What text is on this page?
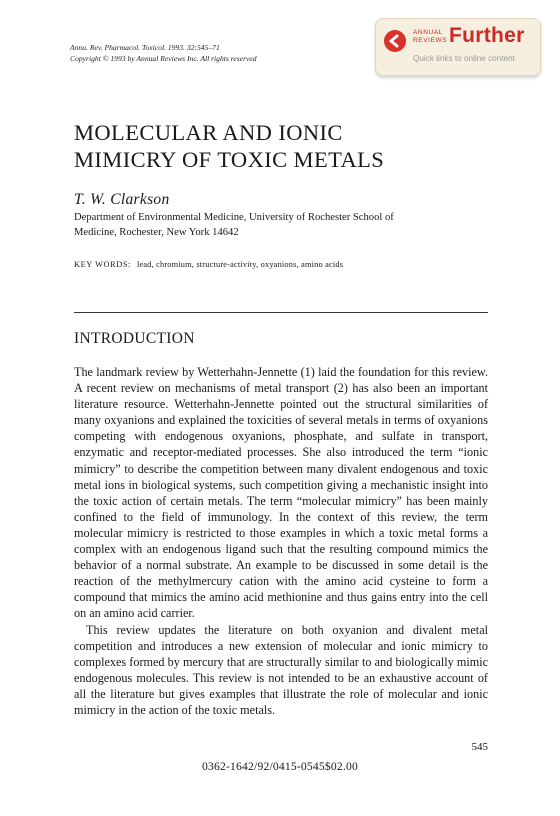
Annu. Rev. Pharmacol. Toxicol. 1993. 32:545–71
Copyright © 1993 by Annual Reviews Inc. All rights reserved
ANNUAL
REVIEWS Further
Quick links to online content
MOLECULAR AND IONIC
MIMICRY OF TOXIC METALS
T. W. Clarkson
Department of Environmental Medicine, University of Rochester School of
Medicine, Rochester, New York 14642
KEY WORDS: lead, chromium, structure-activity, oxyanions, amino acids
INTRODUCTION

The landmark review by Wetterhahn-Jennette (1) laid the foundation for this review. A recent review on mechanisms of metal transport (2) has also been an important literature resource. Wetterhahn-Jennette pointed out the structural similarities of many oxyanions and explained the toxicities of several metals in terms of oxyanions competing with endogenous oxyanions, phosphate, and sulfate in transport, enzymatic and receptor-mediated processes. She also introduced the term “ionic mimicry” to describe the competition between many divalent endogenous and toxic metal ions in biological systems, such competition giving a mechanistic insight into the toxic action of certain metals. The term “molecular mimicry” has been mainly confined to the field of immunology. In the context of this review, the term molecular mimicry is restricted to those examples in which a toxic metal forms a complex with an endogenous ligand such that the resulting compound mimics the behavior of a normal substrate. An example to be discussed in some detail is the reaction of the methylmercury cation with the amino acid cysteine to form a compound that mimics the amino acid methionine and thus gains entry into the cell on an amino acid carrier.

This review updates the literature on both oxyanion and divalent metal competition and introduces a new extension of molecular and ionic mimicry to complexes formed by mercury that are structurally similar to and biologically mimic endogenous molecules. This review is not intended to be an exhaustive account of all the literature but gives examples that illustrate the role of molecular and ionic mimicry in the action of the toxic metals.

545
0362-1642/92/0415-0545$02.00
